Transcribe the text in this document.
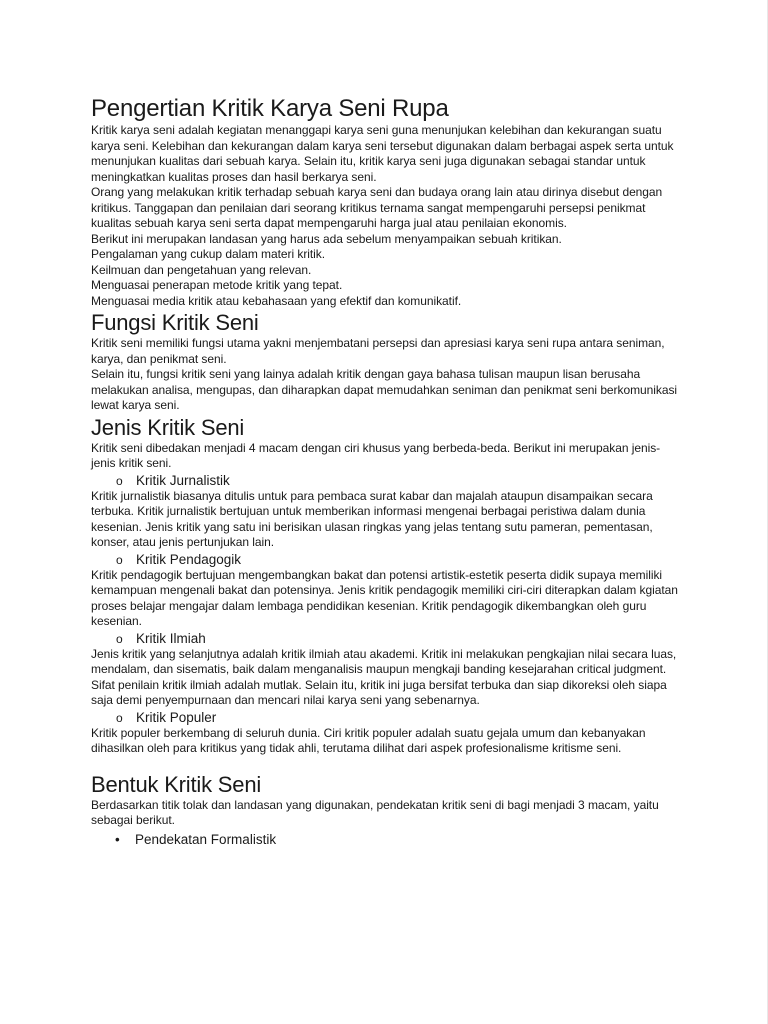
Pengertian Kritik Karya Seni Rupa

Kritik karya seni adalah kegiatan menanggapi karya seni guna menunjukan kelebihan dan kekurangan suatu karya seni. Kelebihan dan kekurangan dalam karya seni tersebut digunakan dalam berbagai aspek serta untuk menunjukan kualitas dari sebuah karya. Selain itu, kritik karya seni juga digunakan sebagai standar untuk meningkatkan kualitas proses dan hasil berkarya seni.

Orang yang melakukan kritik terhadap sebuah karya seni dan budaya orang lain atau dirinya disebut dengan kritikus. Tanggapan dan penilaian dari seorang kritikus ternama sangat mempengaruhi persepsi penikmat kualitas sebuah karya seni serta dapat mempengaruhi harga jual atau penilaian ekonomis.

Berikut ini merupakan landasan yang harus ada sebelum menyampaikan sebuah kritikan.

Pengalaman yang cukup dalam materi kritik.

Keilmuan dan pengetahuan yang relevan.

Menguasai penerapan metode kritik yang tepat.

Menguasai media kritik atau kebahasaan yang efektif dan komunikatif.

Fungsi Kritik Seni

Kritik seni memiliki fungsi utama yakni menjembatani persepsi dan apresiasi karya seni rupa antara seniman, karya, dan penikmat seni.

Selain itu, fungsi kritik seni yang lainya adalah kritik dengan gaya bahasa tulisan maupun lisan berusaha melakukan analisa, mengupas, dan diharapkan dapat memudahkan seniman dan penikmat seni berkomunikasi lewat karya seni.

Jenis Kritik Seni

Kritik seni dibedakan menjadi 4 macam dengan ciri khusus yang berbeda-beda. Berikut ini merupakan jenis-jenis kritik seni.

o Kritik Jurnalistik

Kritik jurnalistik biasanya ditulis untuk para pembaca surat kabar dan majalah ataupun disampaikan secara terbuka. Kritik jurnalistik bertujuan untuk memberikan informasi mengenai berbagai peristiwa dalam dunia kesenian. Jenis kritik yang satu ini berisikan ulasan ringkas yang jelas tentang sutu pameran, pementasan, konser, atau jenis pertunjukan lain.

o Kritik Pendagogik

Kritik pendagogik bertujuan mengembangkan bakat dan potensi artistik-estetik peserta didik supaya memiliki kemampuan mengenali bakat dan potensinya. Jenis kritik pendagogik memiliki ciri-ciri diterapkan dalam kgiatan proses belajar mengajar dalam lembaga pendidikan kesenian. Kritik pendagogik dikembangkan oleh guru kesenian.

o Kritik Ilmiah

Jenis kritik yang selanjutnya adalah kritik ilmiah atau akademi. Kritik ini melakukan pengkajian nilai secara luas, mendalam, dan sisematis, baik dalam menganalisis maupun mengkaji banding kesejarahan critical judgment.

Sifat penilain kritik ilmiah adalah mutlak. Selain itu, kritik ini juga bersifat terbuka dan siap dikoreksi oleh siapa saja demi penyempurnaan dan mencari nilai karya seni yang sebenarnya.

o Kritik Populer

Kritik populer berkembang di seluruh dunia. Ciri kritik populer adalah suatu gejala umum dan kebanyakan dihasilkan oleh para kritikus yang tidak ahli, terutama dilihat dari aspek profesionalisme kritisme seni.

Bentuk Kritik Seni

Berdasarkan titik tolak dan landasan yang digunakan, pendekatan kritik seni di bagi menjadi 3 macam, yaitu sebagai berikut.

• Pendekatan Formalistik
